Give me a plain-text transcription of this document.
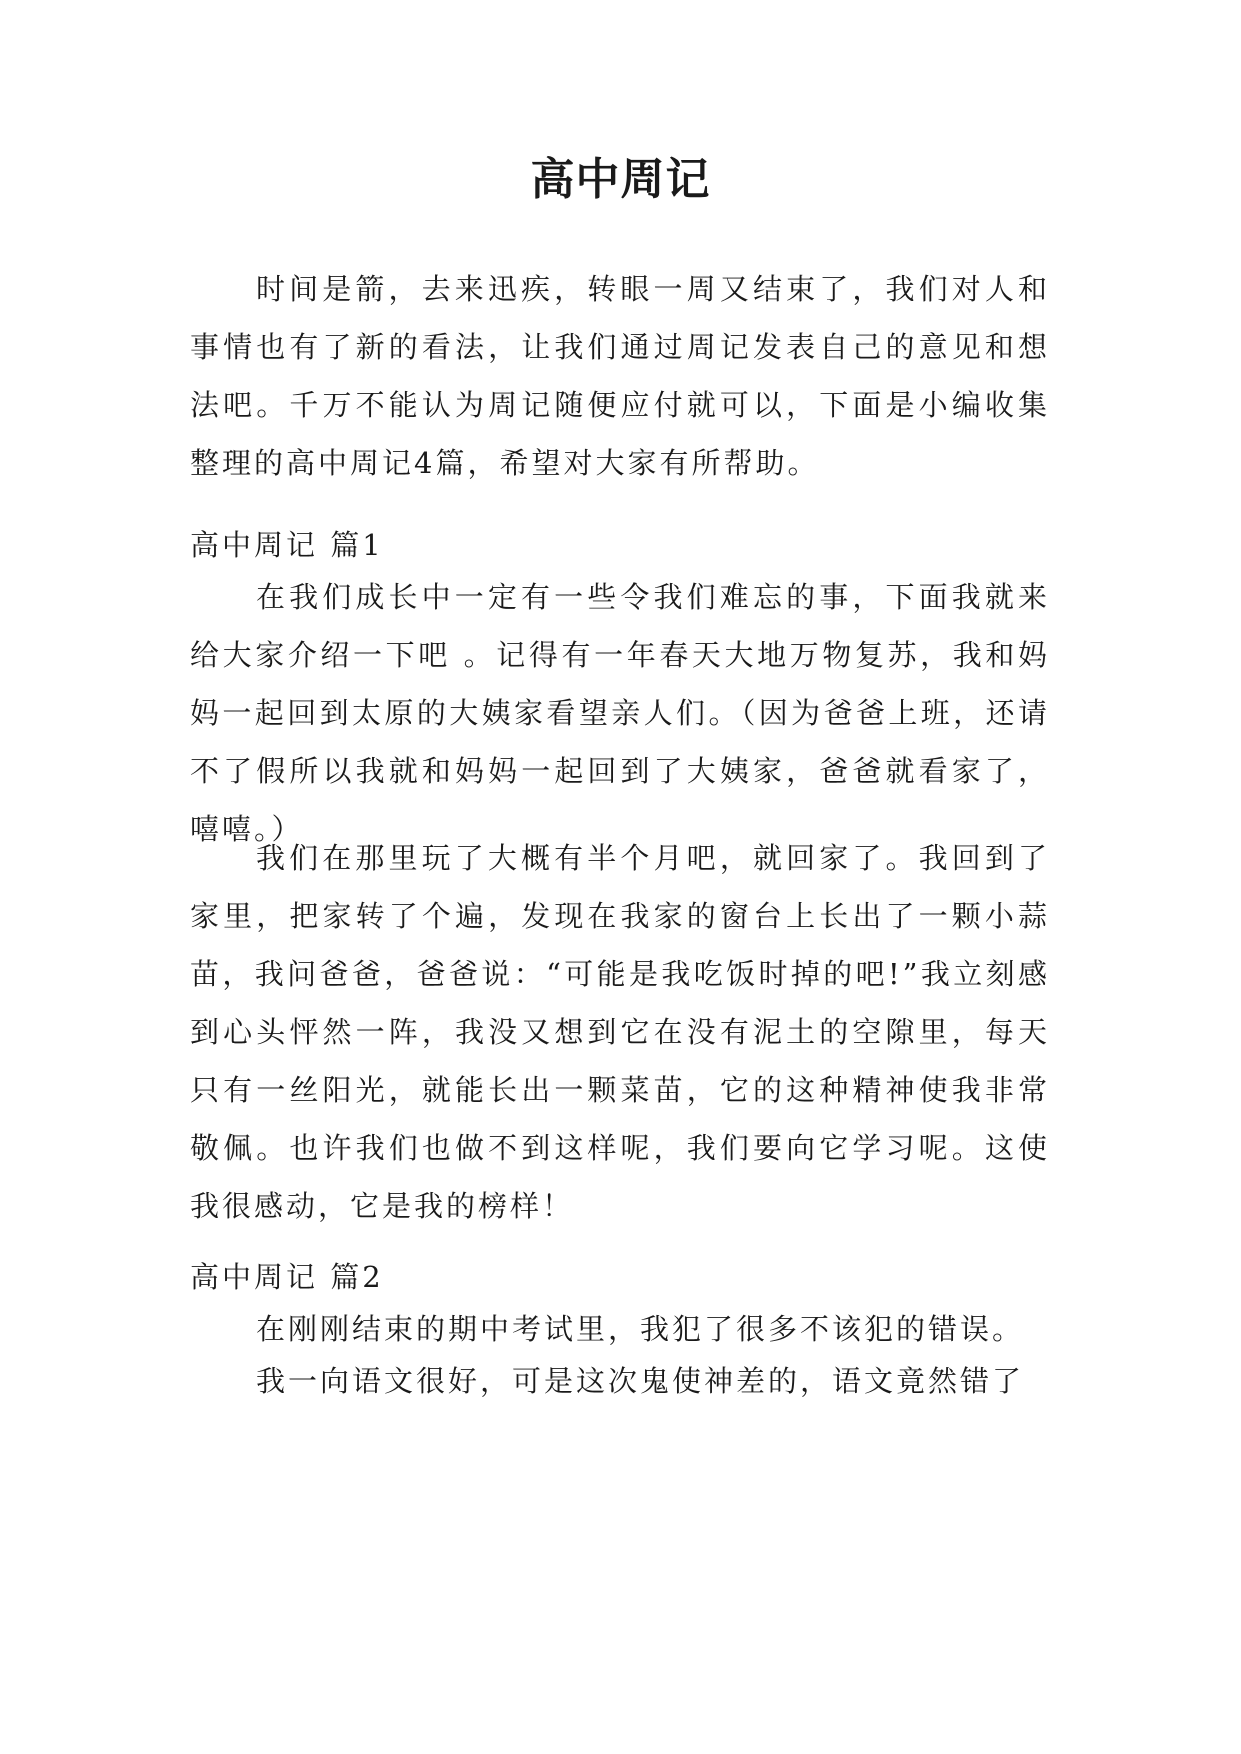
高中周记

时间是箭，去来迅疾，转眼一周又结束了，我们对人和事情也有了新的看法，让我们通过周记发表自己的意见和想法吧。千万不能认为周记随便应付就可以，下面是小编收集整理的高中周记4篇，希望对大家有所帮助。

高中周记 篇1

在我们成长中一定有一些令我们难忘的事，下面我就来给大家介绍一下吧 。记得有一年春天大地万物复苏，我和妈妈一起回到太原的大姨家看望亲人们。（因为爸爸上班，还请不了假所以我就和妈妈一起回到了大姨家，爸爸就看家了，嘻嘻。）

我们在那里玩了大概有半个月吧，就回家了。我回到了家里，把家转了个遍，发现在我家的窗台上长出了一颗小蒜苗，我问爸爸，爸爸说：“可能是我吃饭时掉的吧!”我立刻感到心头怦然一阵，我没又想到它在没有泥土的空隙里，每天只有一丝阳光，就能长出一颗菜苗，它的这种精神使我非常敬佩。也许我们也做不到这样呢，我们要向它学习呢。这使我很感动，它是我的榜样！

高中周记 篇2

在刚刚结束的期中考试里，我犯了很多不该犯的错误。

我一向语文很好，可是这次鬼使神差的，语文竟然错了
